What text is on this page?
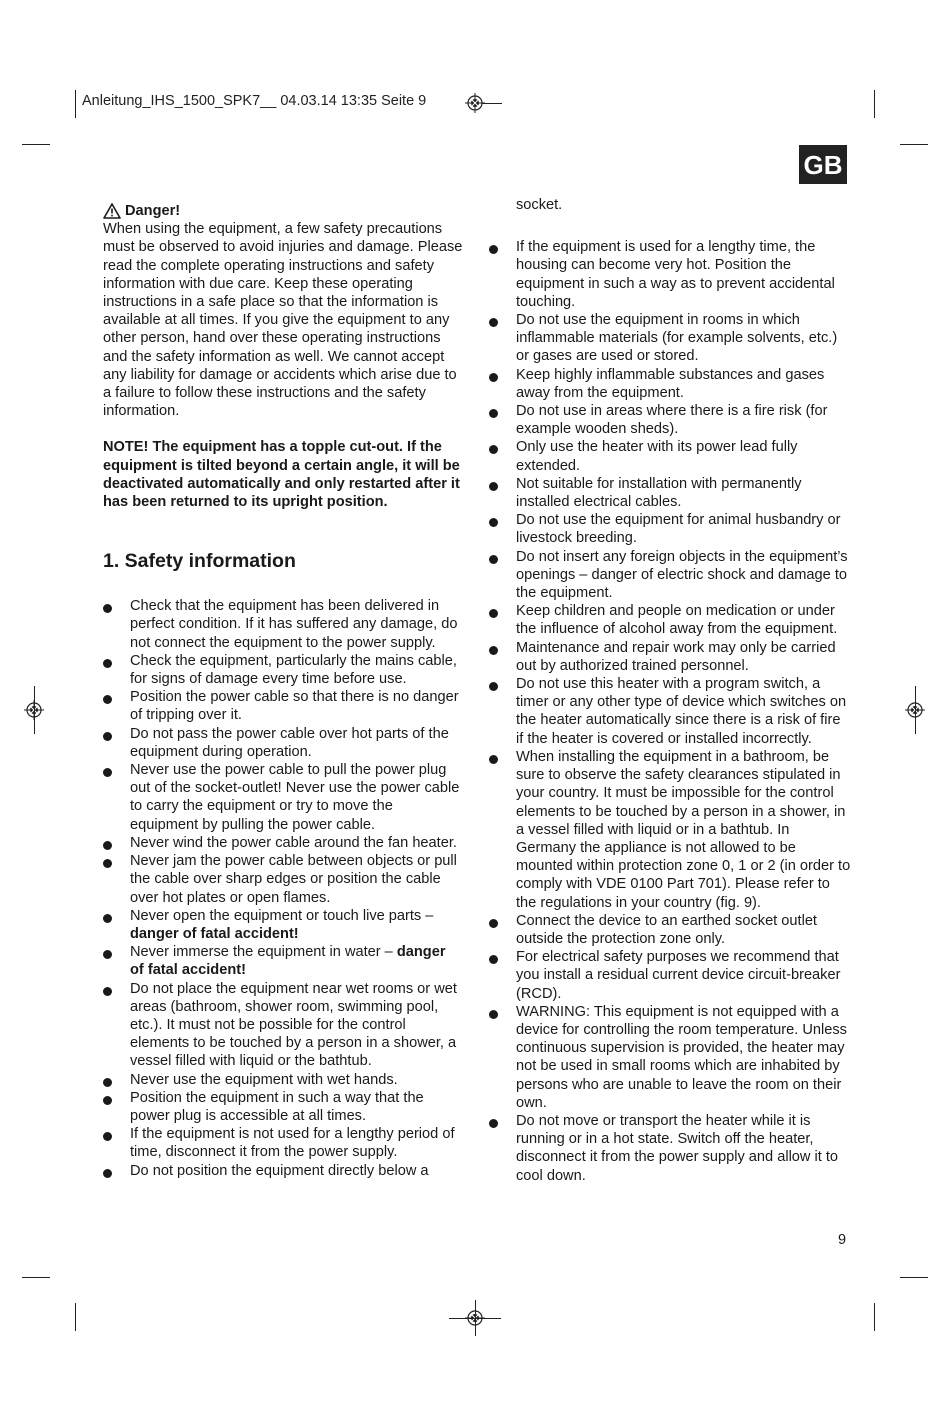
Anleitung_IHS_1500_SPK7__ 04.03.14 13:35 Seite 9
GB
Danger!

When using the equipment, a few safety precautions must be observed to avoid injuries and damage. Please read the complete operating instructions and safety information with due care. Keep these operating instructions in a safe place so that the information is available at all times. If you give the equipment to any other person, hand over these operating instructions and the safety information as well. We cannot accept any liability for damage or accidents which arise due to a failure to follow these instructions and the safety information.

NOTE! The equipment has a topple cut-out. If the equipment is tilted beyond a certain angle, it will be deactivated automatically and only restarted after it has been returned to its upright position.

1. Safety information
Check that the equipment has been delivered in perfect condition. If it has suffered any damage, do not connect the equipment to the power supply.
Check the equipment, particularly the mains cable, for signs of damage every time before use.
Position the power cable so that there is no danger of tripping over it.
Do not pass the power cable over hot parts of the equipment during operation.
Never use the power cable to pull the power plug out of the socket-outlet! Never use the power cable to carry the equipment or try to move the equipment by pulling the power cable.
Never wind the power cable around the fan heater.
Never jam the power cable between objects or pull the cable over sharp edges or position the cable over hot plates or open flames.
Never open the equipment or touch live parts – danger of fatal accident!
Never immerse the equipment in water – danger of fatal accident!
Do not place the equipment near wet rooms or wet areas (bathroom, shower room, swimming pool, etc.). It must not be possible for the control elements to be touched by a person in a shower, a vessel filled with liquid or the bathtub.
Never use the equipment with wet hands.
Position the equipment in such a way that the power plug is accessible at all times.
If the equipment is not used for a lengthy period of time, disconnect it from the power supply.
Do not position the equipment directly below a
socket.
If the equipment is used for a lengthy time, the housing can become very hot. Position the equipment in such a way as to prevent accidental touching.
Do not use the equipment in rooms in which inflammable materials (for example solvents, etc.) or gases are used or stored.
Keep highly inflammable substances and gases away from the equipment.
Do not use in areas where there is a fire risk (for example wooden sheds).
Only use the heater with its power lead fully extended.
Not suitable for installation with permanently installed electrical cables.
Do not use the equipment for animal husbandry or livestock breeding.
Do not insert any foreign objects in the equipment’s openings – danger of electric shock and damage to the equipment.
Keep children and people on medication or under the influence of alcohol away from the equipment.
Maintenance and repair work may only be carried out by authorized trained personnel.
Do not use this heater with a program switch, a timer or any other type of device which switches on the heater automatically since there is a risk of fire if the heater is covered or installed incorrectly.
When installing the equipment in a bathroom, be sure to observe the safety clearances stipulated in your country. It must be impossible for the control elements to be touched by a person in a shower, in a vessel filled with liquid or in a bathtub. In Germany the appliance is not allowed to be mounted within protection zone 0, 1 or 2 (in order to comply with VDE 0100 Part 701). Please refer to the regulations in your country (fig. 9).
Connect the device to an earthed socket outlet outside the protection zone only.
For electrical safety purposes we recommend that you install a residual current device circuit-breaker (RCD).
WARNING: This equipment is not equipped with a device for controlling the room temperature. Unless continuous supervision is provided, the heater may not be used in small rooms which are inhabited by persons who are unable to leave the room on their own.
Do not move or transport the heater while it is running or in a hot state. Switch off the heater, disconnect it from the power supply and allow it to cool down.
9
